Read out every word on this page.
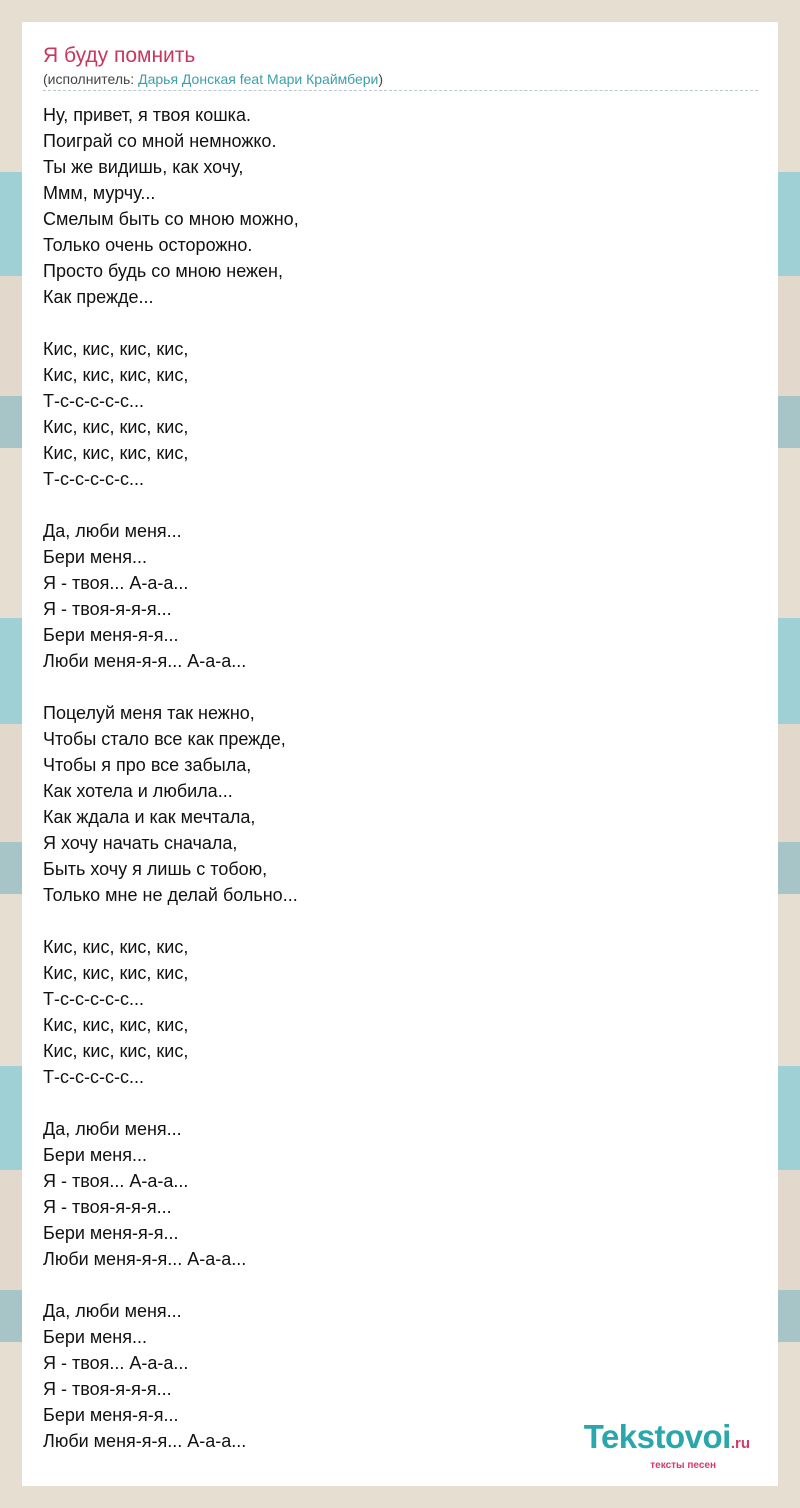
Я буду помнить
(исполнитель: Дарья Донская feat Мари Краймбери)
Ну, привет, я твоя кошка.
Поиграй со мной немножко.
Ты же видишь, как хочу,
Ммм, мурчу...
Смелым быть со мною можно,
Только очень осторожно.
Просто будь со мною нежен,
Как прежде...
Кис, кис, кис, кис,
Кис, кис, кис, кис,
Т-с-с-с-с-с...
Кис, кис, кис, кис,
Кис, кис, кис, кис,
Т-с-с-с-с-с...
Да, люби меня...
Бери меня...
Я - твоя... А-а-а...
Я - твоя-я-я-я...
Бери меня-я-я...
Люби меня-я-я... А-а-а...
Поцелуй меня так нежно,
Чтобы стало все как прежде,
Чтобы я про все забыла,
Как хотела и любила...
Как ждала и как мечтала,
Я хочу начать сначала,
Быть хочу я лишь с тобою,
Только мне не делай больно...
Кис, кис, кис, кис,
Кис, кис, кис, кис,
Т-с-с-с-с-с...
Кис, кис, кис, кис,
Кис, кис, кис, кис,
Т-с-с-с-с-с...
Да, люби меня...
Бери меня...
Я - твоя... А-а-а...
Я - твоя-я-я-я...
Бери меня-я-я...
Люби меня-я-я... А-а-а...
Да, люби меня...
Бери меня...
Я - твоя... А-а-а...
Я - твоя-я-я-я...
Бери меня-я-я...
Люби меня-я-я... А-а-а...	Tekstovoi.ru
тексты песен
